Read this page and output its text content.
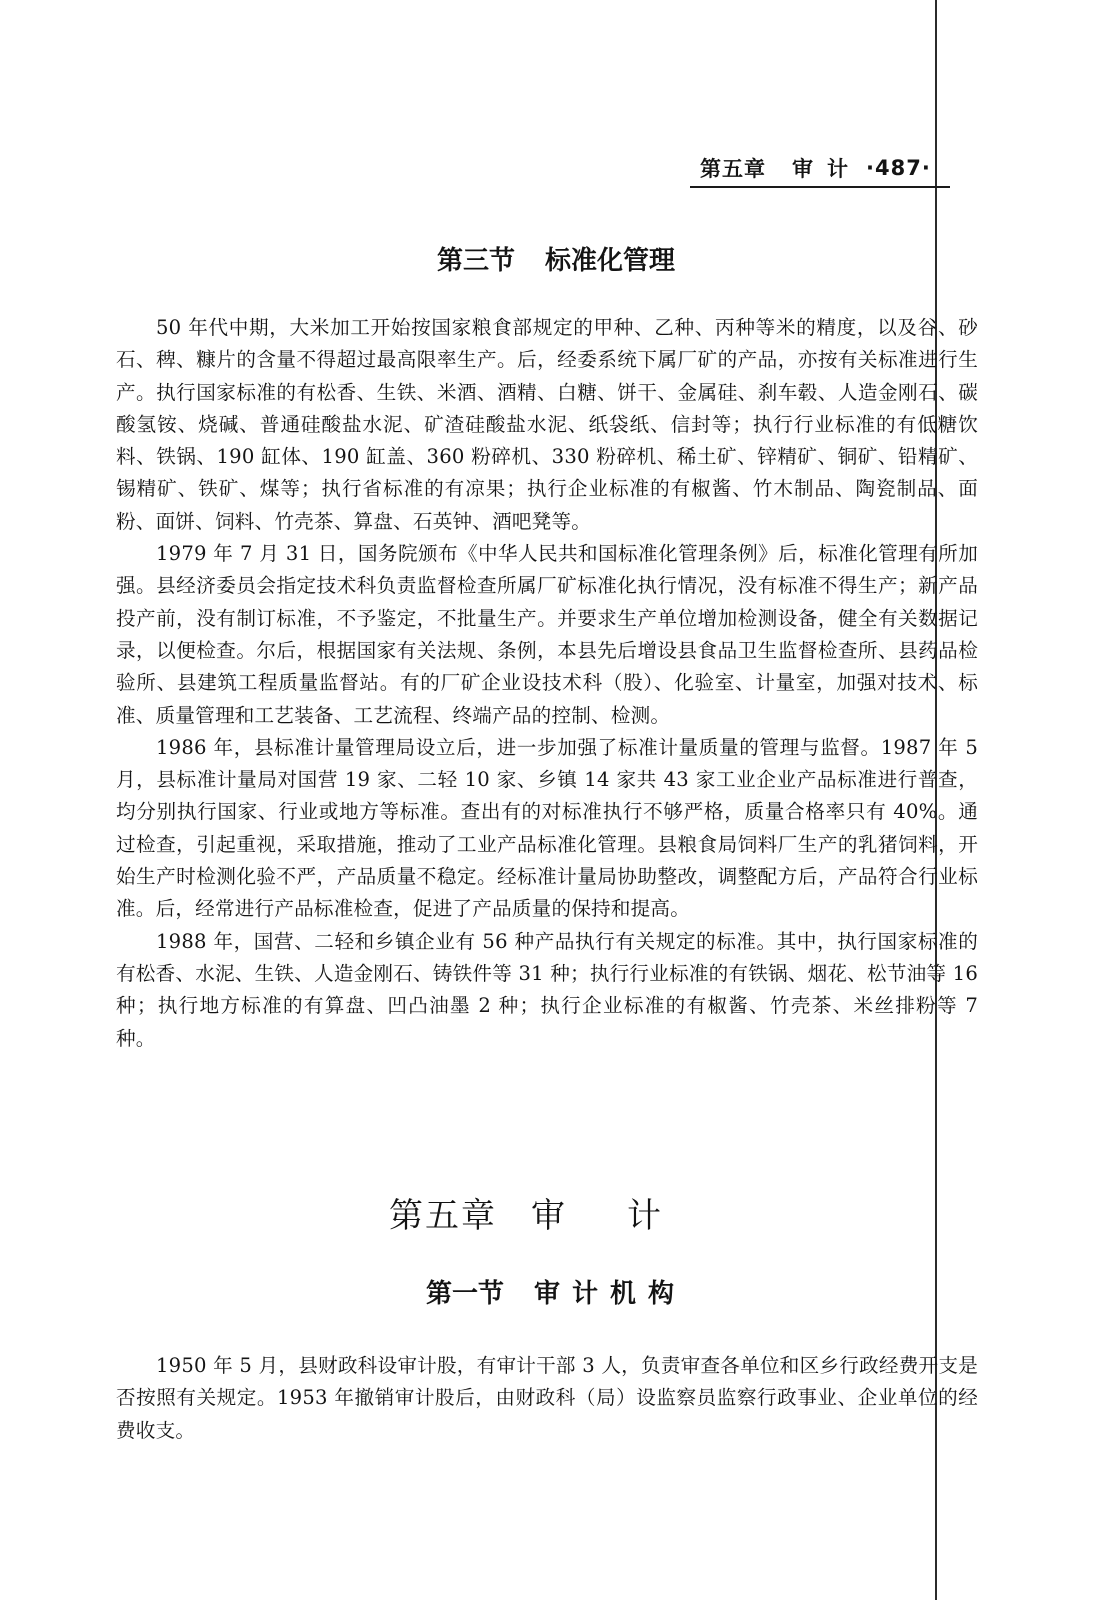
第五章 审计 ·487·
第三节 标准化管理

50 年代中期，大米加工开始按国家粮食部规定的甲种、乙种、丙种等米的精度，以及谷、砂石、稗、糠片的含量不得超过最高限率生产。后，经委系统下属厂矿的产品，亦按有关标准进行生产。执行国家标准的有松香、生铁、米酒、酒精、白糖、饼干、金属硅、刹车毂、人造金刚石、碳酸氢铵、烧碱、普通硅酸盐水泥、矿渣硅酸盐水泥、纸袋纸、信封等；执行行业标准的有低糖饮料、铁锅、190 缸体、190 缸盖、360 粉碎机、330 粉碎机、稀土矿、锌精矿、铜矿、铅精矿、锡精矿、铁矿、煤等；执行省标准的有凉果；执行企业标准的有椒酱、竹木制品、陶瓷制品、面粉、面饼、饲料、竹壳茶、算盘、石英钟、酒吧凳等。

1979 年 7 月 31 日，国务院颁布《中华人民共和国标准化管理条例》后，标准化管理有所加强。县经济委员会指定技术科负责监督检查所属厂矿标准化执行情况，没有标准不得生产；新产品投产前，没有制订标准，不予鉴定，不批量生产。并要求生产单位增加检测设备，健全有关数据记录，以便检查。尔后，根据国家有关法规、条例，本县先后增设县食品卫生监督检查所、县药品检验所、县建筑工程质量监督站。有的厂矿企业设技术科（股）、化验室、计量室，加强对技术、标准、质量管理和工艺装备、工艺流程、终端产品的控制、检测。

1986 年，县标准计量管理局设立后，进一步加强了标准计量质量的管理与监督。1987 年 5 月，县标准计量局对国营 19 家、二轻 10 家、乡镇 14 家共 43 家工业企业产品标准进行普查，均分别执行国家、行业或地方等标准。查出有的对标准执行不够严格，质量合格率只有 40%。通过检查，引起重视，采取措施，推动了工业产品标准化管理。县粮食局饲料厂生产的乳猪饲料，开始生产时检测化验不严，产品质量不稳定。经标准计量局协助整改，调整配方后，产品符合行业标准。后，经常进行产品标准检查，促进了产品质量的保持和提高。

1988 年，国营、二轻和乡镇企业有 56 种产品执行有关规定的标准。其中，执行国家标准的有松香、水泥、生铁、人造金刚石、铸铁件等 31 种；执行行业标准的有铁锅、烟花、松节油等 16 种；执行地方标准的有算盘、凹凸油墨 2 种；执行企业标准的有椒酱、竹壳茶、米丝排粉等 7 种。

第五章 审计
第一节 审计机构

1950 年 5 月，县财政科设审计股，有审计干部 3 人，负责审查各单位和区乡行政经费开支是否按照有关规定。1953 年撤销审计股后，由财政科（局）设监察员监察行政事业、企业单位的经费收支。
